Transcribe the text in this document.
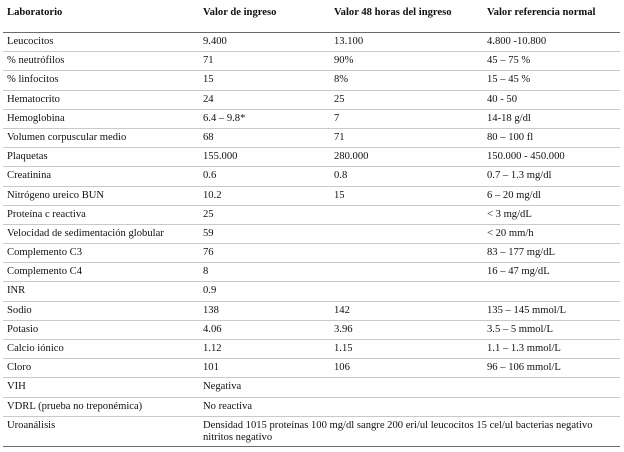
Laboratorio	Valor de ingreso	Valor 48 horas del ingreso	Valor referencia normal
Leucocitos	9.400	13.100	4.800 -10.800
% neutrófilos	71	90%	45 – 75 %
% linfocitos	15	8%	15 – 45 %
Hematocrito	24	25	40 - 50
Hemoglobina	6.4 – 9.8*	7	14-18 g/dl
Volumen corpuscular medio	68	71	80 – 100 fl
Plaquetas	155.000	280.000	150.000 - 450.000
Creatinina	0.6	0.8	0.7 – 1.3 mg/dl
Nitrógeno ureico BUN	10.2	15	6 – 20 mg/dl
Proteína c reactiva	25		< 3 mg/dL
Velocidad de sedimentación globular	59		< 20 mm/h
Complemento C3	76		83 – 177 mg/dL
Complemento C4	8		16 – 47 mg/dL
INR	0.9		
Sodio	138	142	135 – 145 mmol/L
Potasio	4.06	3.96	3.5 – 5 mmol/L
Calcio iónico	1.12	1.15	1.1 – 1.3 mmol/L
Cloro	101	106	96 – 106 mmol/L
VIH	Negativa		
VDRL (prueba no treponémica)	No reactiva		
Uroanálisis	Densidad 1015 proteínas 100 mg/dl sangre 200 eri/ul leucocitos 15 cel/ul bacterias negativo nitritos negativo		
